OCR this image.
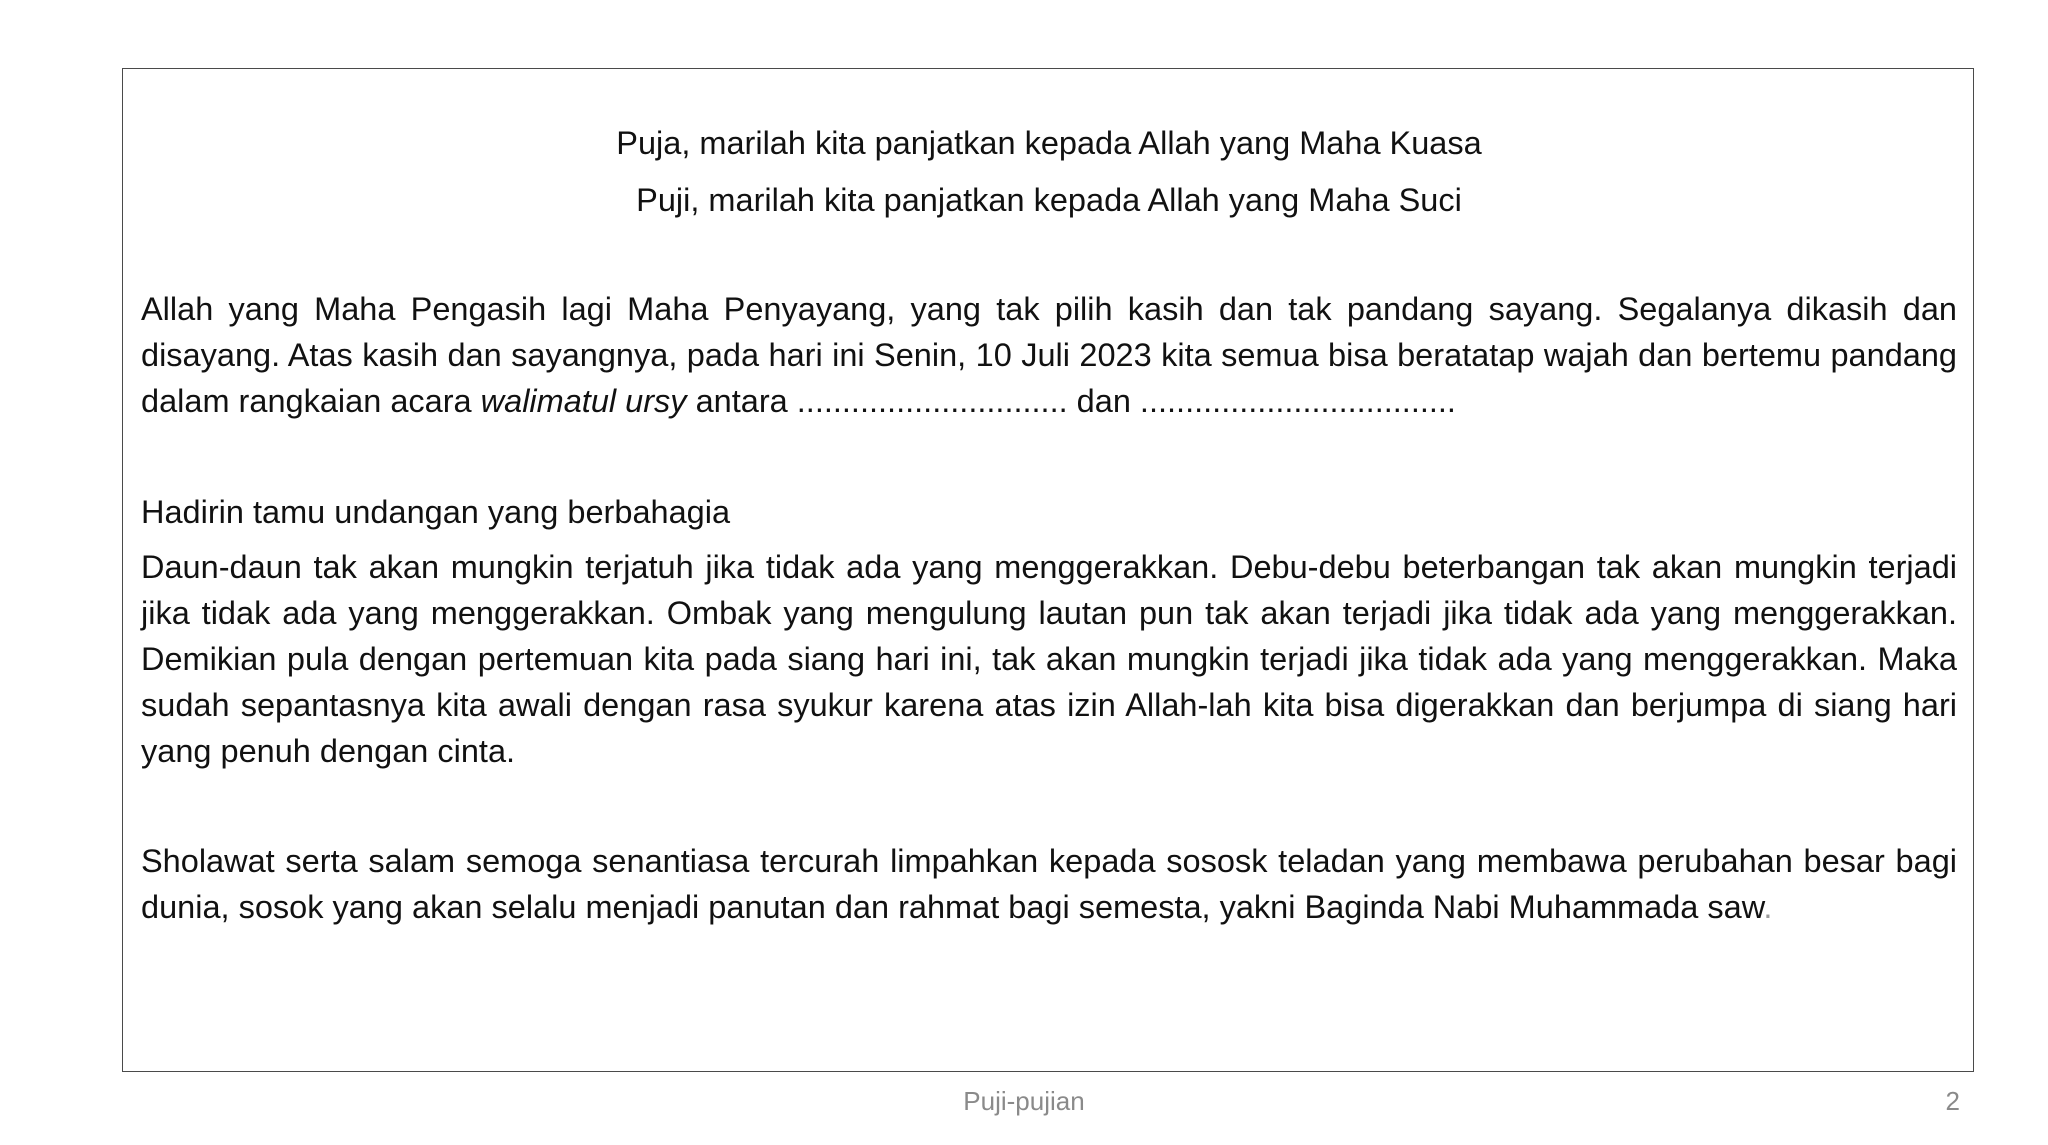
Puja, marilah kita panjatkan kepada Allah yang Maha Kuasa

Puji, marilah kita panjatkan kepada Allah yang Maha Suci

Allah yang Maha Pengasih lagi Maha Penyayang, yang tak pilih kasih dan tak pandang sayang. Segalanya dikasih dan disayang. Atas kasih dan sayangnya, pada hari ini Senin, 10 Juli 2023 kita semua bisa beratatap wajah dan bertemu pandang dalam rangkaian acara walimatul ursy antara .............................. dan ...................................

Hadirin tamu undangan yang berbahagia

Daun-daun tak akan mungkin terjatuh jika tidak ada yang menggerakkan. Debu-debu beterbangan tak akan mungkin terjadi jika tidak ada yang menggerakkan. Ombak yang mengulung lautan pun tak akan terjadi jika tidak ada yang menggerakkan. Demikian pula dengan pertemuan kita pada siang hari ini, tak akan mungkin terjadi jika tidak ada yang menggerakkan. Maka sudah sepantasnya kita awali dengan rasa syukur karena atas izin Allah-lah kita bisa digerakkan dan berjumpa di siang hari yang penuh dengan cinta.

Sholawat serta salam semoga senantiasa tercurah limpahkan kepada sososk teladan yang membawa perubahan besar bagi dunia, sosok yang akan selalu menjadi panutan dan rahmat bagi semesta, yakni Baginda Nabi Muhammada saw.

Puji-pujian	2
